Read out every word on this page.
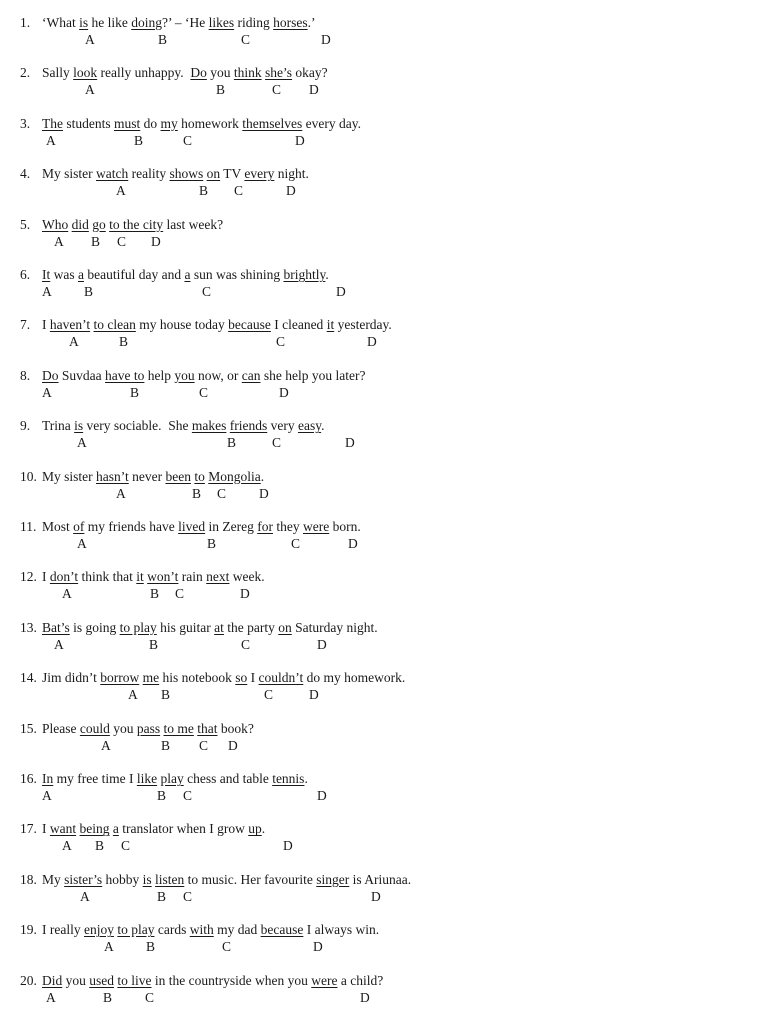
1. ‘What is he like doing?’ – ‘He likes riding horses.’
A	B	C	D
2. Sally look really unhappy.  Do you think she’s okay?
A	B	C D
3. The students must do my homework themselves every day.
A	B	C	D
4. My sister watch reality shows on TV every night.
A	B C	D
5. Who did go to the city last week?
A B C D
6. It was a beautiful day and a sun was shining brightly.
A B	C	D
7. I haven’t to clean my house today because I cleaned it yesterday.
A	B	C	D
8. Do Suvdaa have to help you now, or can she help you later?
A	B	C	D
9. Trina is very sociable.  She makes friends very easy.
A	B	C	D
10. My sister hasn’t never been to Mongolia.
A	B C D
11. Most of my friends have lived in Zereg for they were born.
A	B	C	D
12. I don’t think that it won’t rain next week.
A	B C	D
13. Bat’s is going to play his guitar at the party on Saturday night.
A	B	C	D
14. Jim didn’t borrow me his notebook so I couldn’t do my homework.
A B	C	D
15. Please could you pass to me that book?
A	B C D
16. In my free time I like play chess and table tennis.
A	B C	D
17. I want being a translator when I grow up.
A B C	D
18. My sister’s hobby is listen to music. Her favourite singer is Ariunaa.
A	B C	D
19. I really enjoy to play cards with my dad because I always win.
A B	C	D
20. Did you used to live in the countryside when you were a child?
A	B C	D
